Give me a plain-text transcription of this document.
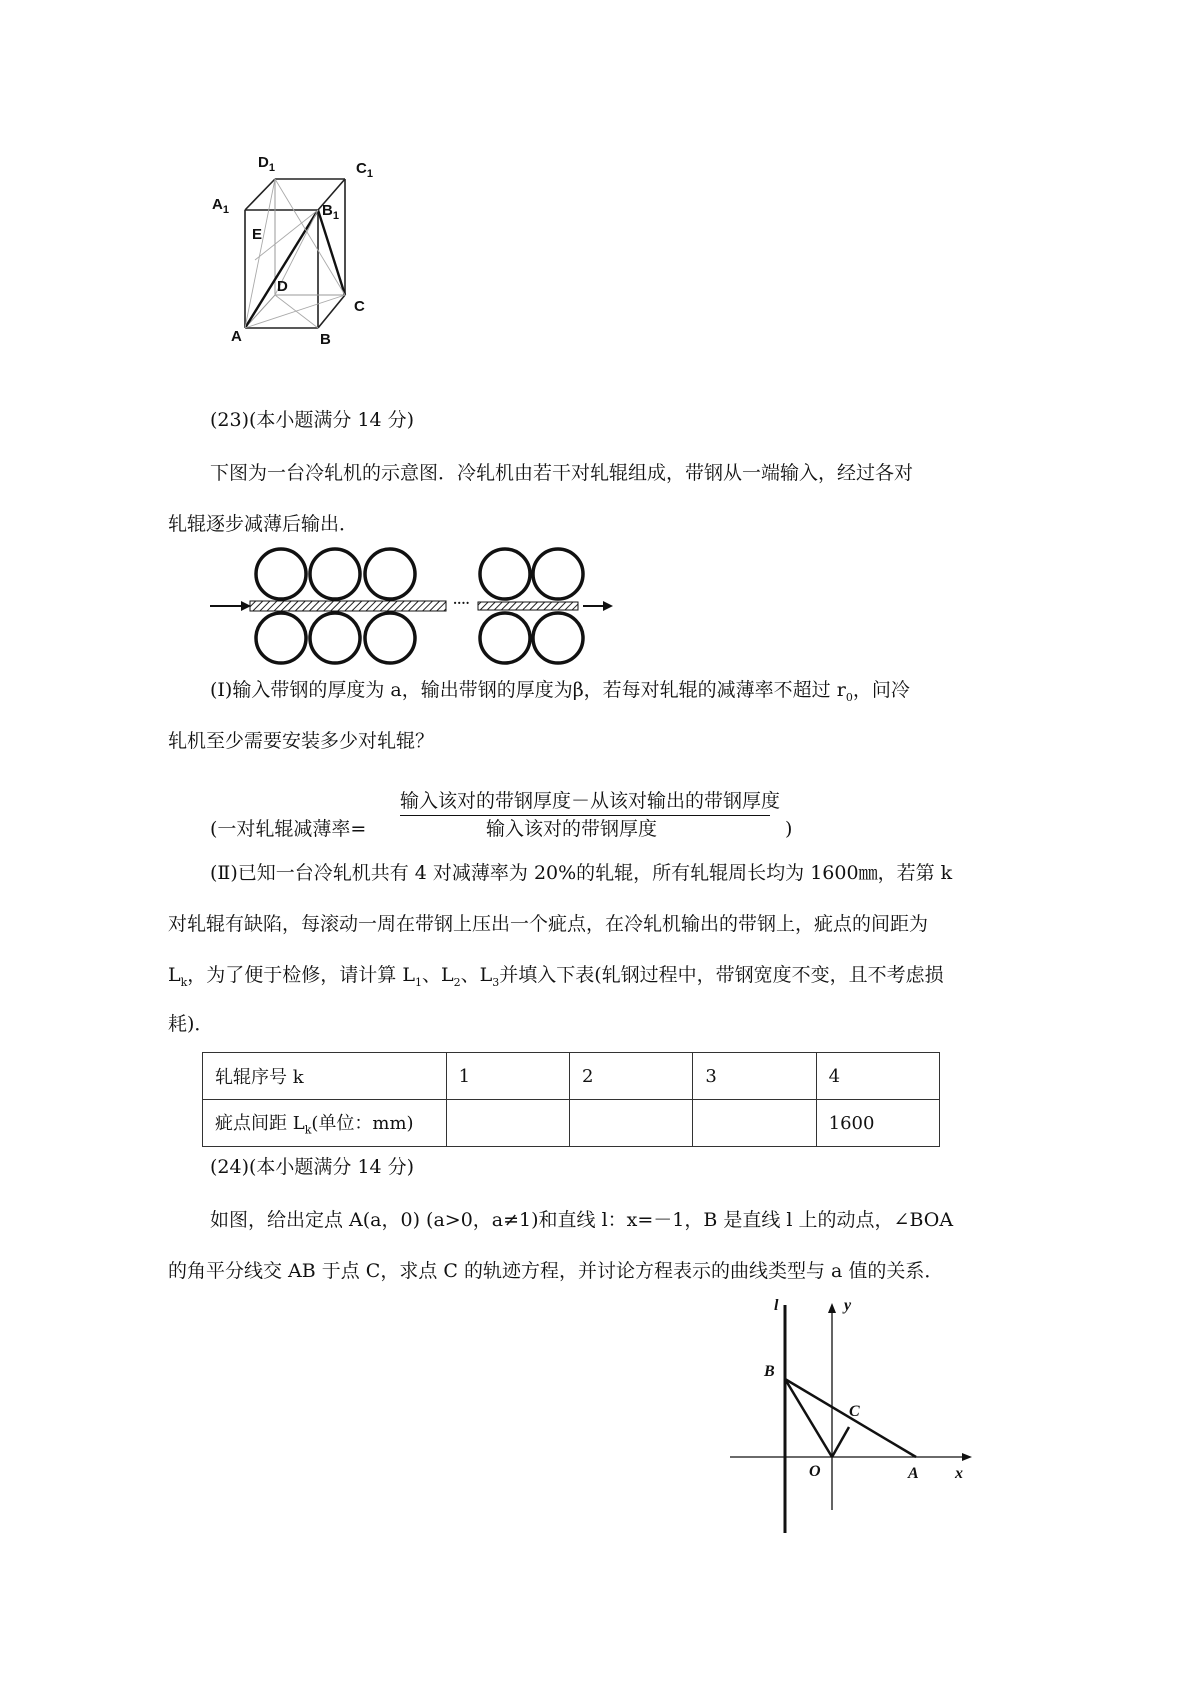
$D_1$	$C_1$
$A_1$	$B_1$
E
D
C
A	B
(23)(本小题满分 14 分)
下图为一台冷轧机的示意图．冷轧机由若干对轧辊组成，带钢从一端输入，经过各对
轧辊逐步减薄后输出．
....
(Ⅰ)输入带钢的厚度为 a，输出带钢的厚度为β，若每对轧辊的减薄率不超过 $r_0$，问冷
轧机至少需要安装多少对轧辊？
输入该对的带钢厚度－从该对输出的带钢厚度
(一对轧辊减薄率=	输入该对的带钢厚度	)
(Ⅱ)已知一台冷轧机共有 4 对减薄率为 20%的轧辊，所有轧辊周长均为 1600㎜，若第 k
对轧辊有缺陷，每滚动一周在带钢上压出一个疵点，在冷轧机输出的带钢上，疵点的间距为
$L_k$，为了便于检修，请计算 $L_1$、$L_2$、$L_3$并填入下表(轧钢过程中，带钢宽度不变，且不考虑损
耗)．
轧辊序号 k	1	2	3	4
疵点间距 $L_k$(单位：mm)				1600
(24)(本小题满分 14 分)
如图，给出定点 A(a，0) (a>0，a≠1)和直线 l：x=－1，B 是直线 l 上的动点，∠BOA
的角平分线交 AB 于点 C，求点 C 的轨迹方程，并讨论方程表示的曲线类型与 a 值的关系．
l	y
B
C
O	A x
